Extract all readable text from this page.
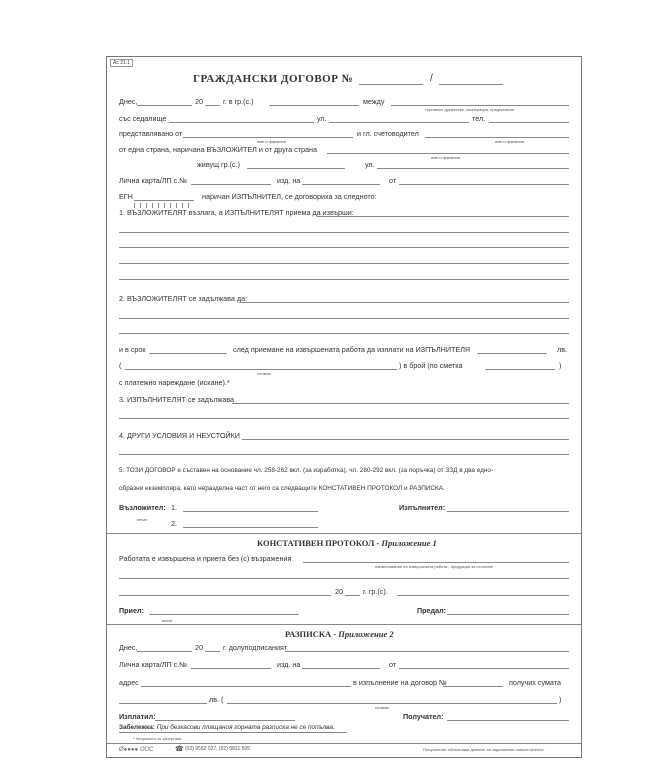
Ас 21.1
ГРАЖДАНСКИ ДОГОВОР №	/
Днес,	20	г. в гр.(с.)	между
търговско дружество, кооперация, предприятие
със седалище	ул.	тел.
представлявано от
име и фамилия
и гл. счетоводител
име и фамилия
от една страна, наричана ВЪЗЛОЖИТЕЛ и от друга страна
име и фамилия
живущ гр.(с.)	ул.
Лична карта/ЛП с.№	изд. на	от
ЕГН	наричан ИЗПЪЛНИТЕЛ, се договориха за следното:
1. ВЪЗЛОЖИТЕЛЯТ възлага, а ИЗПЪЛНИТЕЛЯТ приема да извърши:
2. ВЪЗЛОЖИТЕЛЯТ се задължава да:
и в срок	след приемане на извършената работа да изплати на ИЗПЪЛНИТЕЛЯ	лв.
(
словом
) в брой (по сметка	)
с платежно нареждане (искане).*
3. ИЗПЪЛНИТЕЛЯТ се задължава
4. ДРУГИ УСЛОВИЯ И НЕУСТОЙКИ
5. ТОЗИ ДОГОВОР е съставен на основание чл. 258-262 вкл. (за изработка), чл. 280-292 вкл. (за поръчка) от ЗЗД в два едно-
образни екземпляра, като неразделна част от него са следващите КОНСТАТИВЕН ПРОТОКОЛ и РАЗПИСКА.
Възложител: 1.	Изпълнител:
печат	2.
КОНСТАТИВЕН ПРОТОКОЛ - Приложение 1
Работата е извършена и приета без (с) възражения
наименование на извършената работа - продукция за отчитане
20	г. гр.(с).
Приел:
печат
Предал:
РАЗПИСКА - Приложение 2
Днес,	20	г. долуподписаният
Лична карта/ЛП с.№	изд. на	от
адрес	в изпълнение на договор №	получих сумата
лв. (
словом
)
Изплатил:	Получател:
Забележка: При безкасови плащания горната разписка не се попълва.
* Ненужното се зачертава
Ø●●●● ООС	☎ (02) 9582 027, (02) 9831 505	Получателят обезпечава данните за задължение самостоятелно.
